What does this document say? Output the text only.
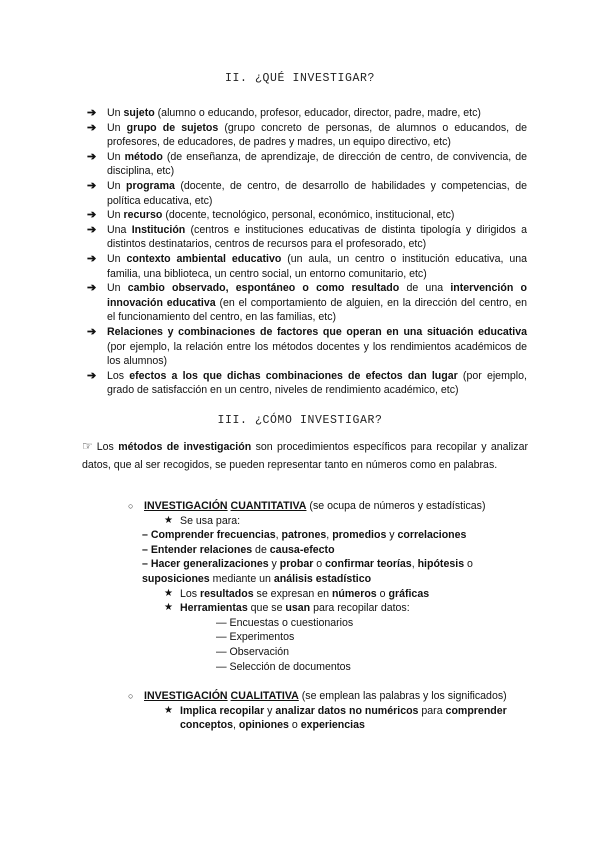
II. ¿QUÉ INVESTIGAR?
➔ Un sujeto (alumno o educando, profesor, educador, director, padre, madre, etc)
➔ Un grupo de sujetos (grupo concreto de personas, de alumnos o educandos, de profesores, de educadores, de padres y madres, un equipo directivo, etc)
➔ Un método (de enseñanza, de aprendizaje, de dirección de centro, de convivencia, de disciplina, etc)
➔ Un programa (docente, de centro, de desarrollo de habilidades y competencias, de política educativa, etc)
➔ Un recurso (docente, tecnológico, personal, económico, institucional, etc)
➔ Una Institución (centros e instituciones educativas de distinta tipología y dirigidos a distintos destinatarios, centros de recursos para el profesorado, etc)
➔ Un contexto ambiental educativo (un aula, un centro o institución educativa, una familia, una biblioteca, un centro social, un entorno comunitario, etc)
➔ Un cambio observado, espontáneo o como resultado de una intervención o innovación educativa (en el comportamiento de alguien, en la dirección del centro, en el funcionamiento del centro, en las familias, etc)
➔ Relaciones y combinaciones de factores que operan en una situación educativa (por ejemplo, la relación entre los métodos docentes y los rendimientos académicos de los alumnos)
➔ Los efectos a los que dichas combinaciones de efectos dan lugar (por ejemplo, grado de satisfacción en un centro, niveles de rendimiento académico, etc)
III. ¿CÓMO INVESTIGAR?
☞ Los métodos de investigación son procedimientos específicos para recopilar y analizar datos, que al ser recogidos, se pueden representar tanto en números como en palabras.
○ INVESTIGACIÓN CUANTITATIVA (se ocupa de números y estadísticas)
★ Se usa para:
– Comprender frecuencias, patrones, promedios y correlaciones
– Entender relaciones de causa-efecto
– Hacer generalizaciones y probar o confirmar teorías, hipótesis o suposiciones mediante un análisis estadístico
★ Los resultados se expresan en números o gráficas
★ Herramientas que se usan para recopilar datos:
— Encuestas o cuestionarios
— Experimentos
— Observación
— Selección de documentos
○ INVESTIGACIÓN CUALITATIVA (se emplean las palabras y los significados)
★ Implica recopilar y analizar datos no numéricos para comprender conceptos, opiniones o experiencias
